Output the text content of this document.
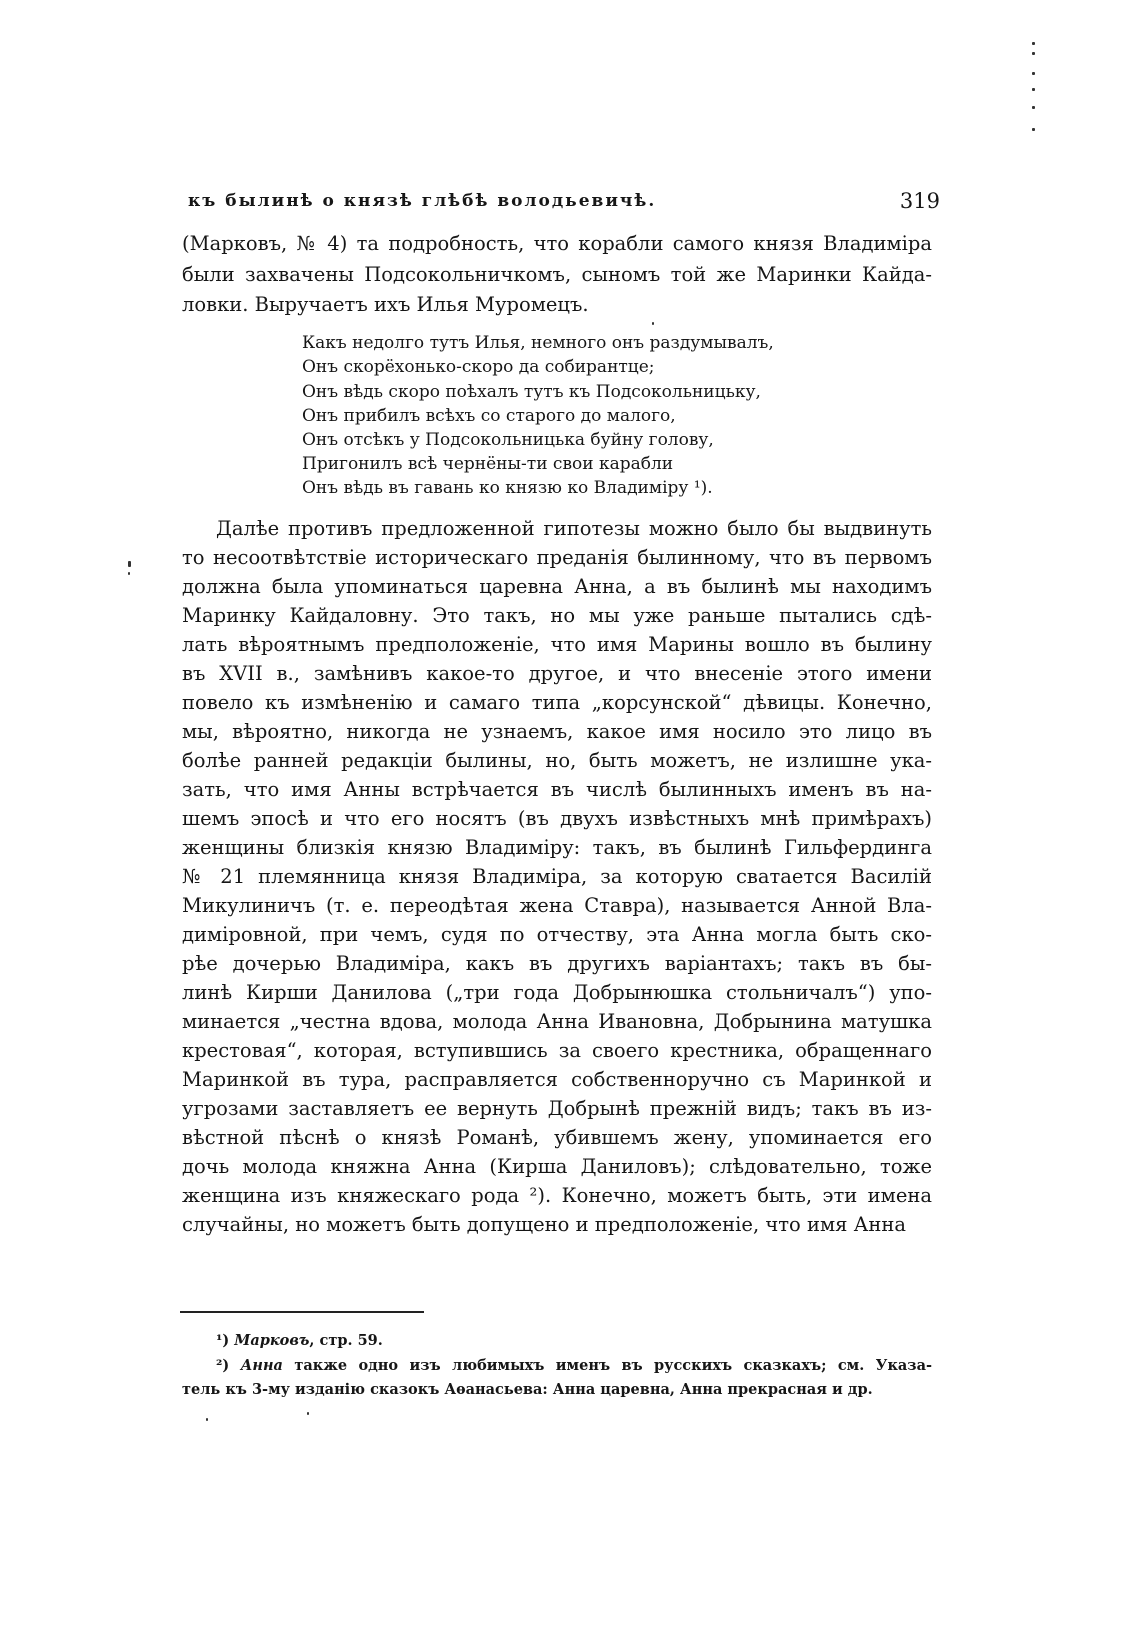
къ былинѣ о князѣ глѣбѣ володьевичѣ.	319
(Марковъ, № 4) та подробность, что корабли самого князя Владиміра
были захвачены Подсокольничкомъ, сыномъ той же Маринки Кайда-
ловки. Выручаетъ ихъ Илья Муромецъ.
Какъ недолго тутъ Илья, немного онъ раздумывалъ,
Онъ скорёхонько-скоро да собирантце;
Онъ вѣдь скоро поѣхалъ тутъ къ Подсокольницьку,
Онъ прибилъ всѣхъ со старого до малого,
Онъ отсѣкъ у Подсокольницька буйну голову,
Пригонилъ всѣ чернёны-ти свои карабли
Онъ вѣдь въ гавань ко князю ко Владиміру ¹).
Далѣе противъ предложенной гипотезы можно было бы выдвинуть
то несоотвѣтствіе историческаго преданія былинному, что въ первомъ
должна была упоминаться царевна Анна, а въ былинѣ мы находимъ
Маринку Кайдаловну. Это такъ, но мы уже раньше пытались сдѣ-
лать вѣроятнымъ предположеніе, что имя Марины вошло въ былину
въ XVII в., замѣнивъ какое-то другое, и что внесеніе этого имени
повело къ измѣненію и самаго типа „корсунской“ дѣвицы. Конечно,
мы, вѣроятно, никогда не узнаемъ, какое имя носило это лицо въ
болѣе ранней редакціи былины, но, быть можетъ, не излишне ука-
зать, что имя Анны встрѣчается въ числѣ былинныхъ именъ въ на-
шемъ эпосѣ и что его носятъ (въ двухъ извѣстныхъ мнѣ примѣрахъ)
женщины близкія князю Владиміру: такъ, въ былинѣ Гильфердинга
№ 21 племянница князя Владиміра, за которую сватается Василій
Микулиничъ (т. е. переодѣтая жена Ставра), называется Анной Вла-
диміровной, при чемъ, судя по отчеству, эта Анна могла быть ско-
рѣе дочерью Владиміра, какъ въ другихъ варіантахъ; такъ въ бы-
линѣ Кирши Данилова („три года Добрынюшка стольничалъ“) упо-
минается „честна вдова, молода Анна Ивановна, Добрынина матушка
крестовая“, которая, вступившись за своего крестника, обращеннаго
Маринкой въ тура, расправляется собственноручно съ Маринкой и
угрозами заставляетъ ее вернуть Добрынѣ прежній видъ; такъ въ из-
вѣстной пѣснѣ о князѣ Романѣ, убившемъ жену, упоминается его
дочь молода княжна Анна (Кирша Даниловъ); слѣдовательно, тоже
женщина изъ княжескаго рода ²). Конечно, можетъ быть, эти имена
случайны, но можетъ быть допущено и предположеніе, что имя Анна
¹) Марковъ, стр. 59.
²) Анна также одно изъ любимыхъ именъ въ русскихъ сказкахъ; см. Указа-
тель къ 3-му изданію сказокъ Аѳанасьева: Анна царевна, Анна прекрасная и др.
